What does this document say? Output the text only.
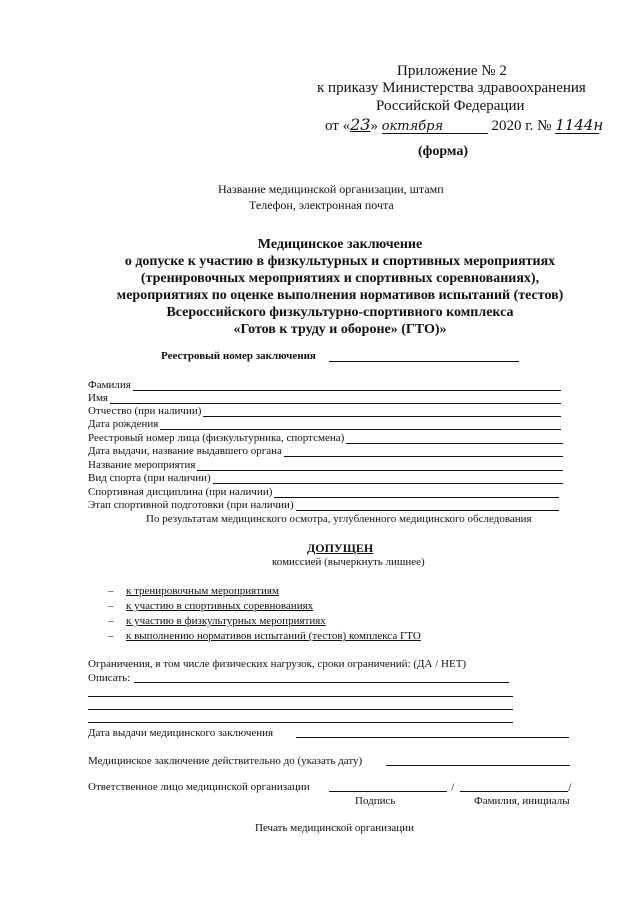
Приложение № 2
к приказу Министерства здравоохранения
Российской Федерации
от «23» октября	2020 г. № 1144н
(форма)
Название медицинской организации, штамп
Телефон, электронная почта
Медицинское заключение
о допуске к участию в физкультурных и спортивных мероприятиях
(тренировочных мероприятиях и спортивных соревнованиях),
мероприятиях по оценке выполнения нормативов испытаний (тестов)
Всероссийского физкультурно-спортивного комплекса
«Готов к труду и обороне» (ГТО)»
Реестровый номер заключения
Фамилия
Имя
Отчество (при наличии)
Дата рождения
Реестровый номер лица (физкультурника, спортсмена)
Дата выдачи, название выдавшего органа
Название мероприятия
Вид спорта (при наличии)
Спортивная дисциплина (при наличии)
Этап спортивной подготовки (при наличии)
По результатам медицинского осмотра, углубленного медицинского обследования
ДОПУЩЕН
комиссией (вычеркнуть лишнее)
– к тренировочным мероприятиям
– к участию в спортивных соревнованиях
– к участию в физкультурных мероприятиях
– к выполнению нормативов испытаний (тестов) комплекса ГТО
Ограничения, в том числе физических нагрузок, сроки ограничений: (ДА / НЕТ)
Описать:
Дата выдачи медицинского заключения
Медицинское заключение действительно до (указать дату)
Ответственное лицо медицинской организации	/	/
Подпись	Фамилия, инициалы
Печать медицинской организации
